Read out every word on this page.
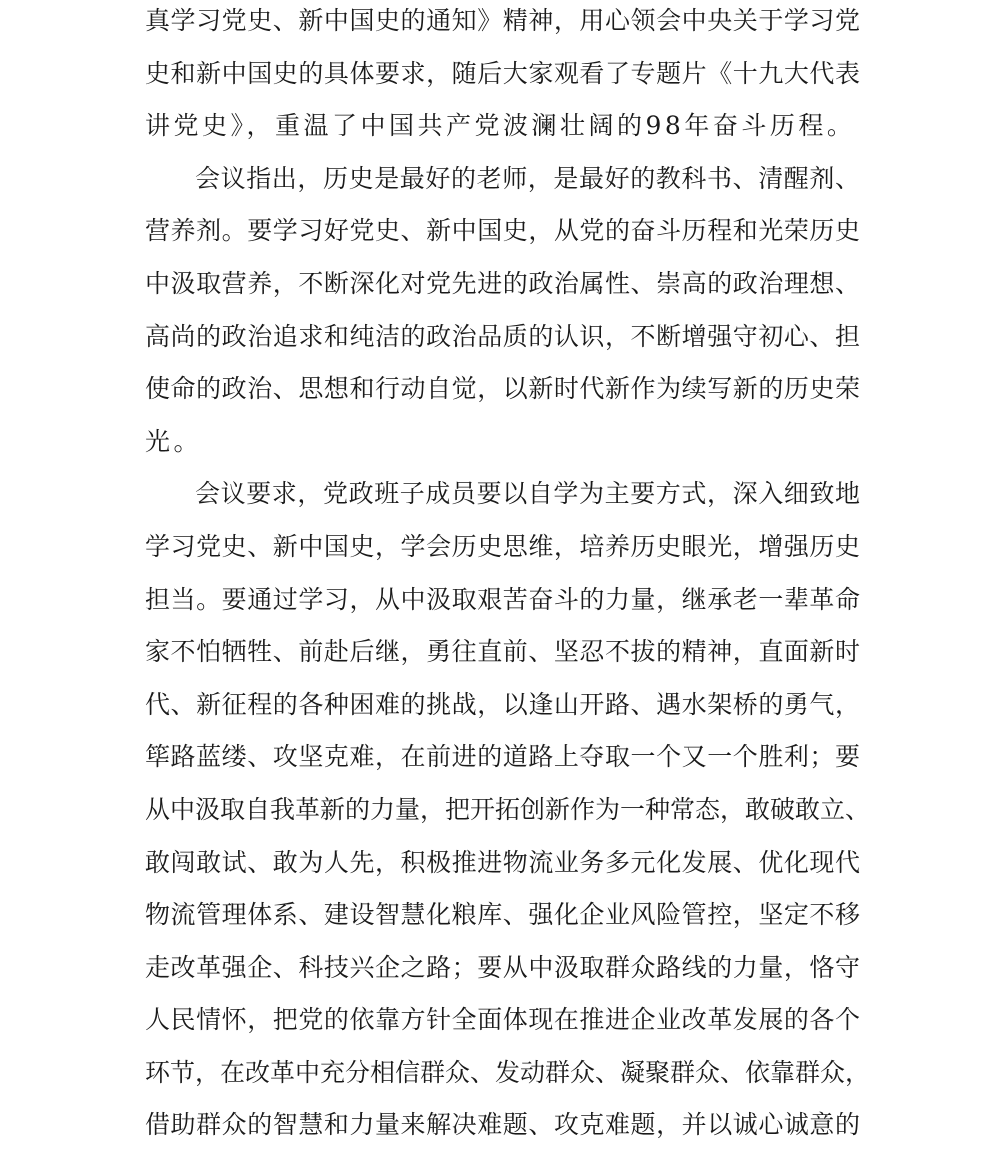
真学习党史、新中国史的通知》精神，用心领会中央关于学习党
史和新中国史的具体要求，随后大家观看了专题片《十九大代表
讲党史》，重温了中国共产党波澜壮阔的98年奋斗历程。
会议指出，历史是最好的老师，是最好的教科书、清醒剂、
营养剂。要学习好党史、新中国史，从党的奋斗历程和光荣历史
中汲取营养，不断深化对党先进的政治属性、崇高的政治理想、
高尚的政治追求和纯洁的政治品质的认识，不断增强守初心、担
使命的政治、思想和行动自觉，以新时代新作为续写新的历史荣
光。
会议要求，党政班子成员要以自学为主要方式，深入细致地
学习党史、新中国史，学会历史思维，培养历史眼光，增强历史
担当。要通过学习，从中汲取艰苦奋斗的力量，继承老一辈革命
家不怕牺牲、前赴后继，勇往直前、坚忍不拔的精神，直面新时
代、新征程的各种困难的挑战，以逢山开路、遇水架桥的勇气，
筚路蓝缕、攻坚克难，在前进的道路上夺取一个又一个胜利；要
从中汲取自我革新的力量，把开拓创新作为一种常态，敢破敢立、
敢闯敢试、敢为人先，积极推进物流业务多元化发展、优化现代
物流管理体系、建设智慧化粮库、强化企业风险管控，坚定不移
走改革强企、科技兴企之路；要从中汲取群众路线的力量，恪守
人民情怀，把党的依靠方针全面体现在推进企业改革发展的各个
环节，在改革中充分相信群众、发动群众、凝聚群众、依靠群众，
借助群众的智慧和力量来解决难题、攻克难题，并以诚心诚意的
